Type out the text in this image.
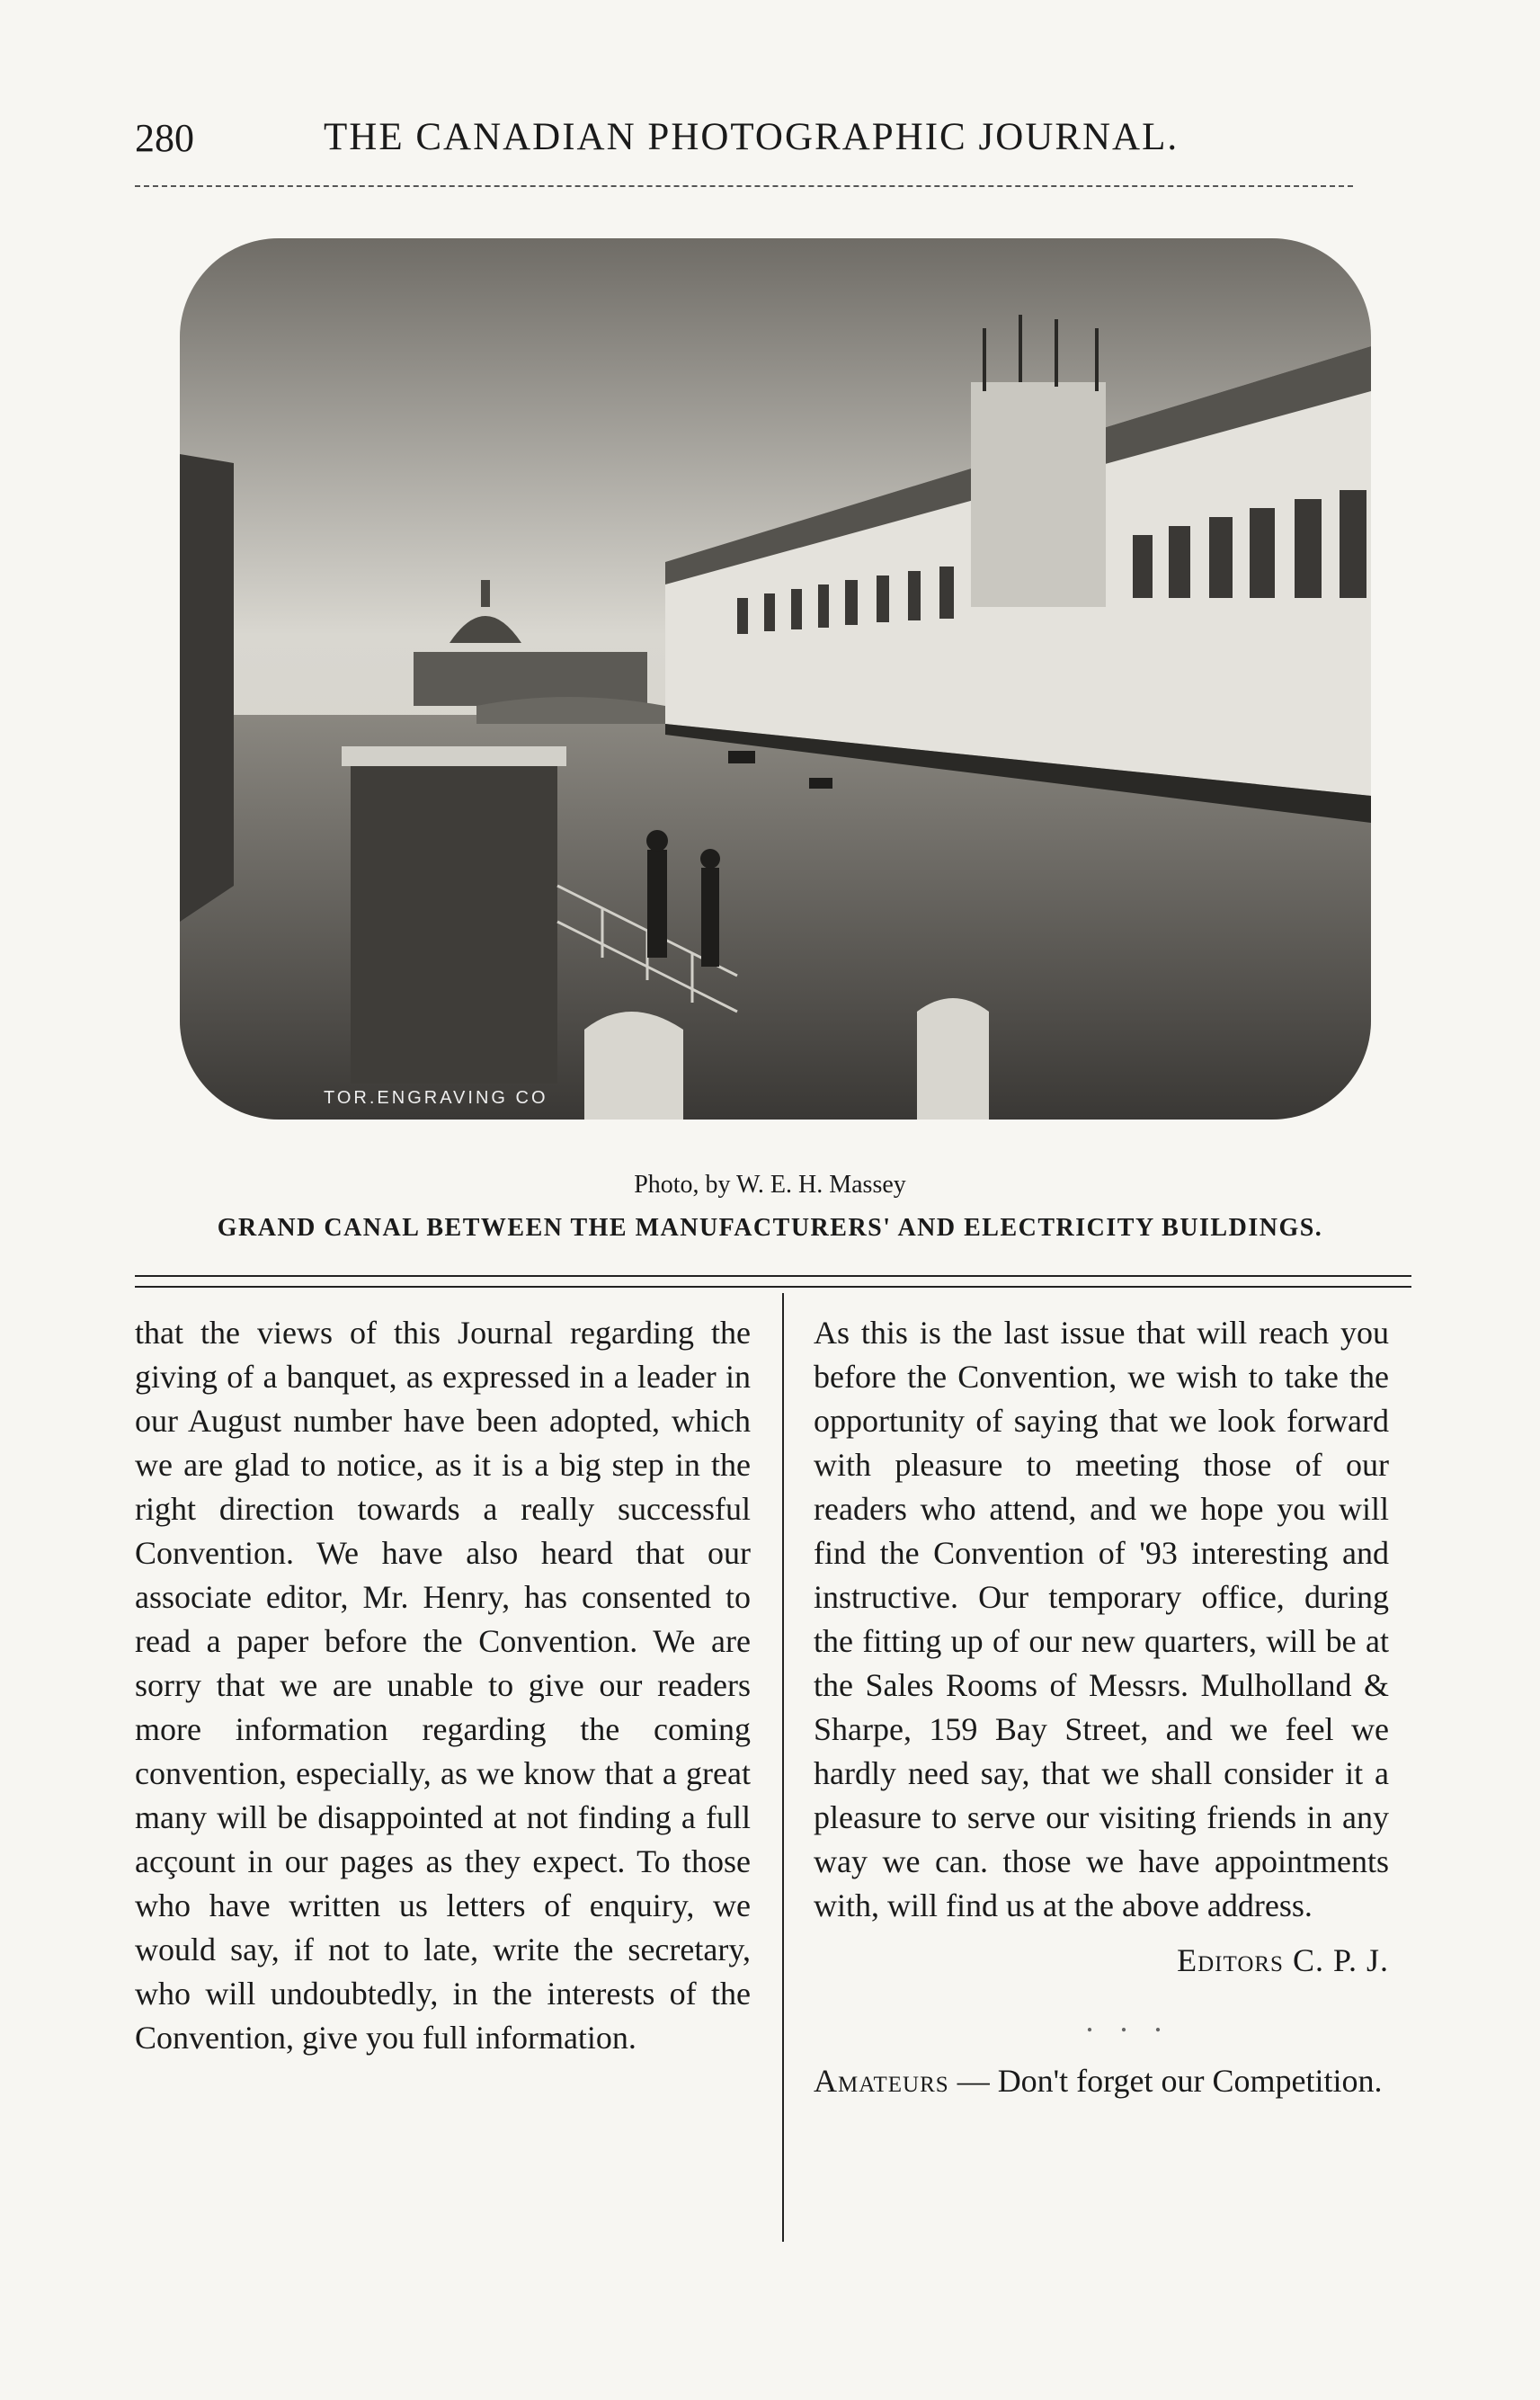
280	THE CANADIAN PHOTOGRAPHIC JOURNAL.
TOR.ENGRAVING CO
Photo, by W. E. H. Massey
GRAND CANAL BETWEEN THE MANUFACTURERS' AND ELECTRICITY BUILDINGS.

that the views of this Journal regarding the giving of a banquet, as expressed in a leader in our August number have been adopted, which we are glad to notice, as it is a big step in the right direction towards a really successful Convention. We have also heard that our associate editor, Mr. Henry, has consented to read a paper before the Convention. We are sorry that we are unable to give our readers more information regarding the coming convention, especially, as we know that a great many will be disappointed at not finding a full acçount in our pages as they expect. To those who have written us letters of enquiry, we would say, if not to late, write the secretary, who will undoubtedly, in the interests of the Convention, give you full information.

As this is the last issue that will reach you before the Convention, we wish to take the opportunity of saying that we look forward with pleasure to meeting those of our readers who attend, and we hope you will find the Convention of '93 interesting and instructive. Our temporary office, during the fitting up of our new quarters, will be at the Sales Rooms of Messrs. Mulholland & Sharpe, 159 Bay Street, and we feel we hardly need say, that we shall consider it a pleasure to serve our visiting friends in any way we can. those we have appointments with, will find us at the above address.

Editors C. P. J.
. . .

Amateurs — Don't forget our Competition.
